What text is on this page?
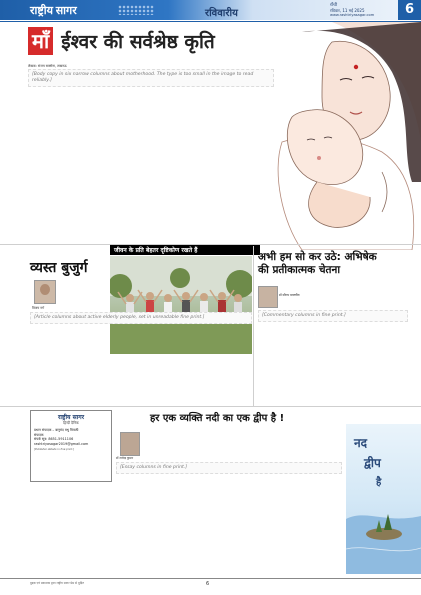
राष्ट्रीय सागर	रविवारीय
राँची
रविवार, 11 मई 2025
www.rashtriyasagar.com	6
माँ ईश्वर की सर्वश्रेष्ठ कृति
लेखक: संजय सक्सेना, लखनऊ
[Body copy in six narrow columns about motherhood. The type is too small in the image to read reliably.]
जीवन के प्रति बेहतर दृष्टिकोण रखते हैं
व्यस्त बुजुर्ग
विजय गर्ग
[Article columns about active elderly people, set in unreadable fine print.]
अभी हम सो कर उठे: अभिषेक
की प्रतीकात्मक चेतना
डॉ सौरभ मालवीय
[Commentary columns in fine print.]
राष्ट्रीय सागर
हिन्दी दैनिक
प्रधान संपादक – बानुमंद मधु त्रिपाठी
संपादक
संपर्क सूत्र: 8651-5911106
rashtriyasagar2019@gmail.com
[Publisher details in fine print.]
हर एक व्यक्ति नदी का एक द्वीप है !
डॉ राजेन्द्र कुमार
[Essay columns in fine print.]
नद
द्वीप
है
मुद्रक एवं प्रकाशक द्वारा राष्ट्रीय सागर प्रेस से मुद्रित	6
